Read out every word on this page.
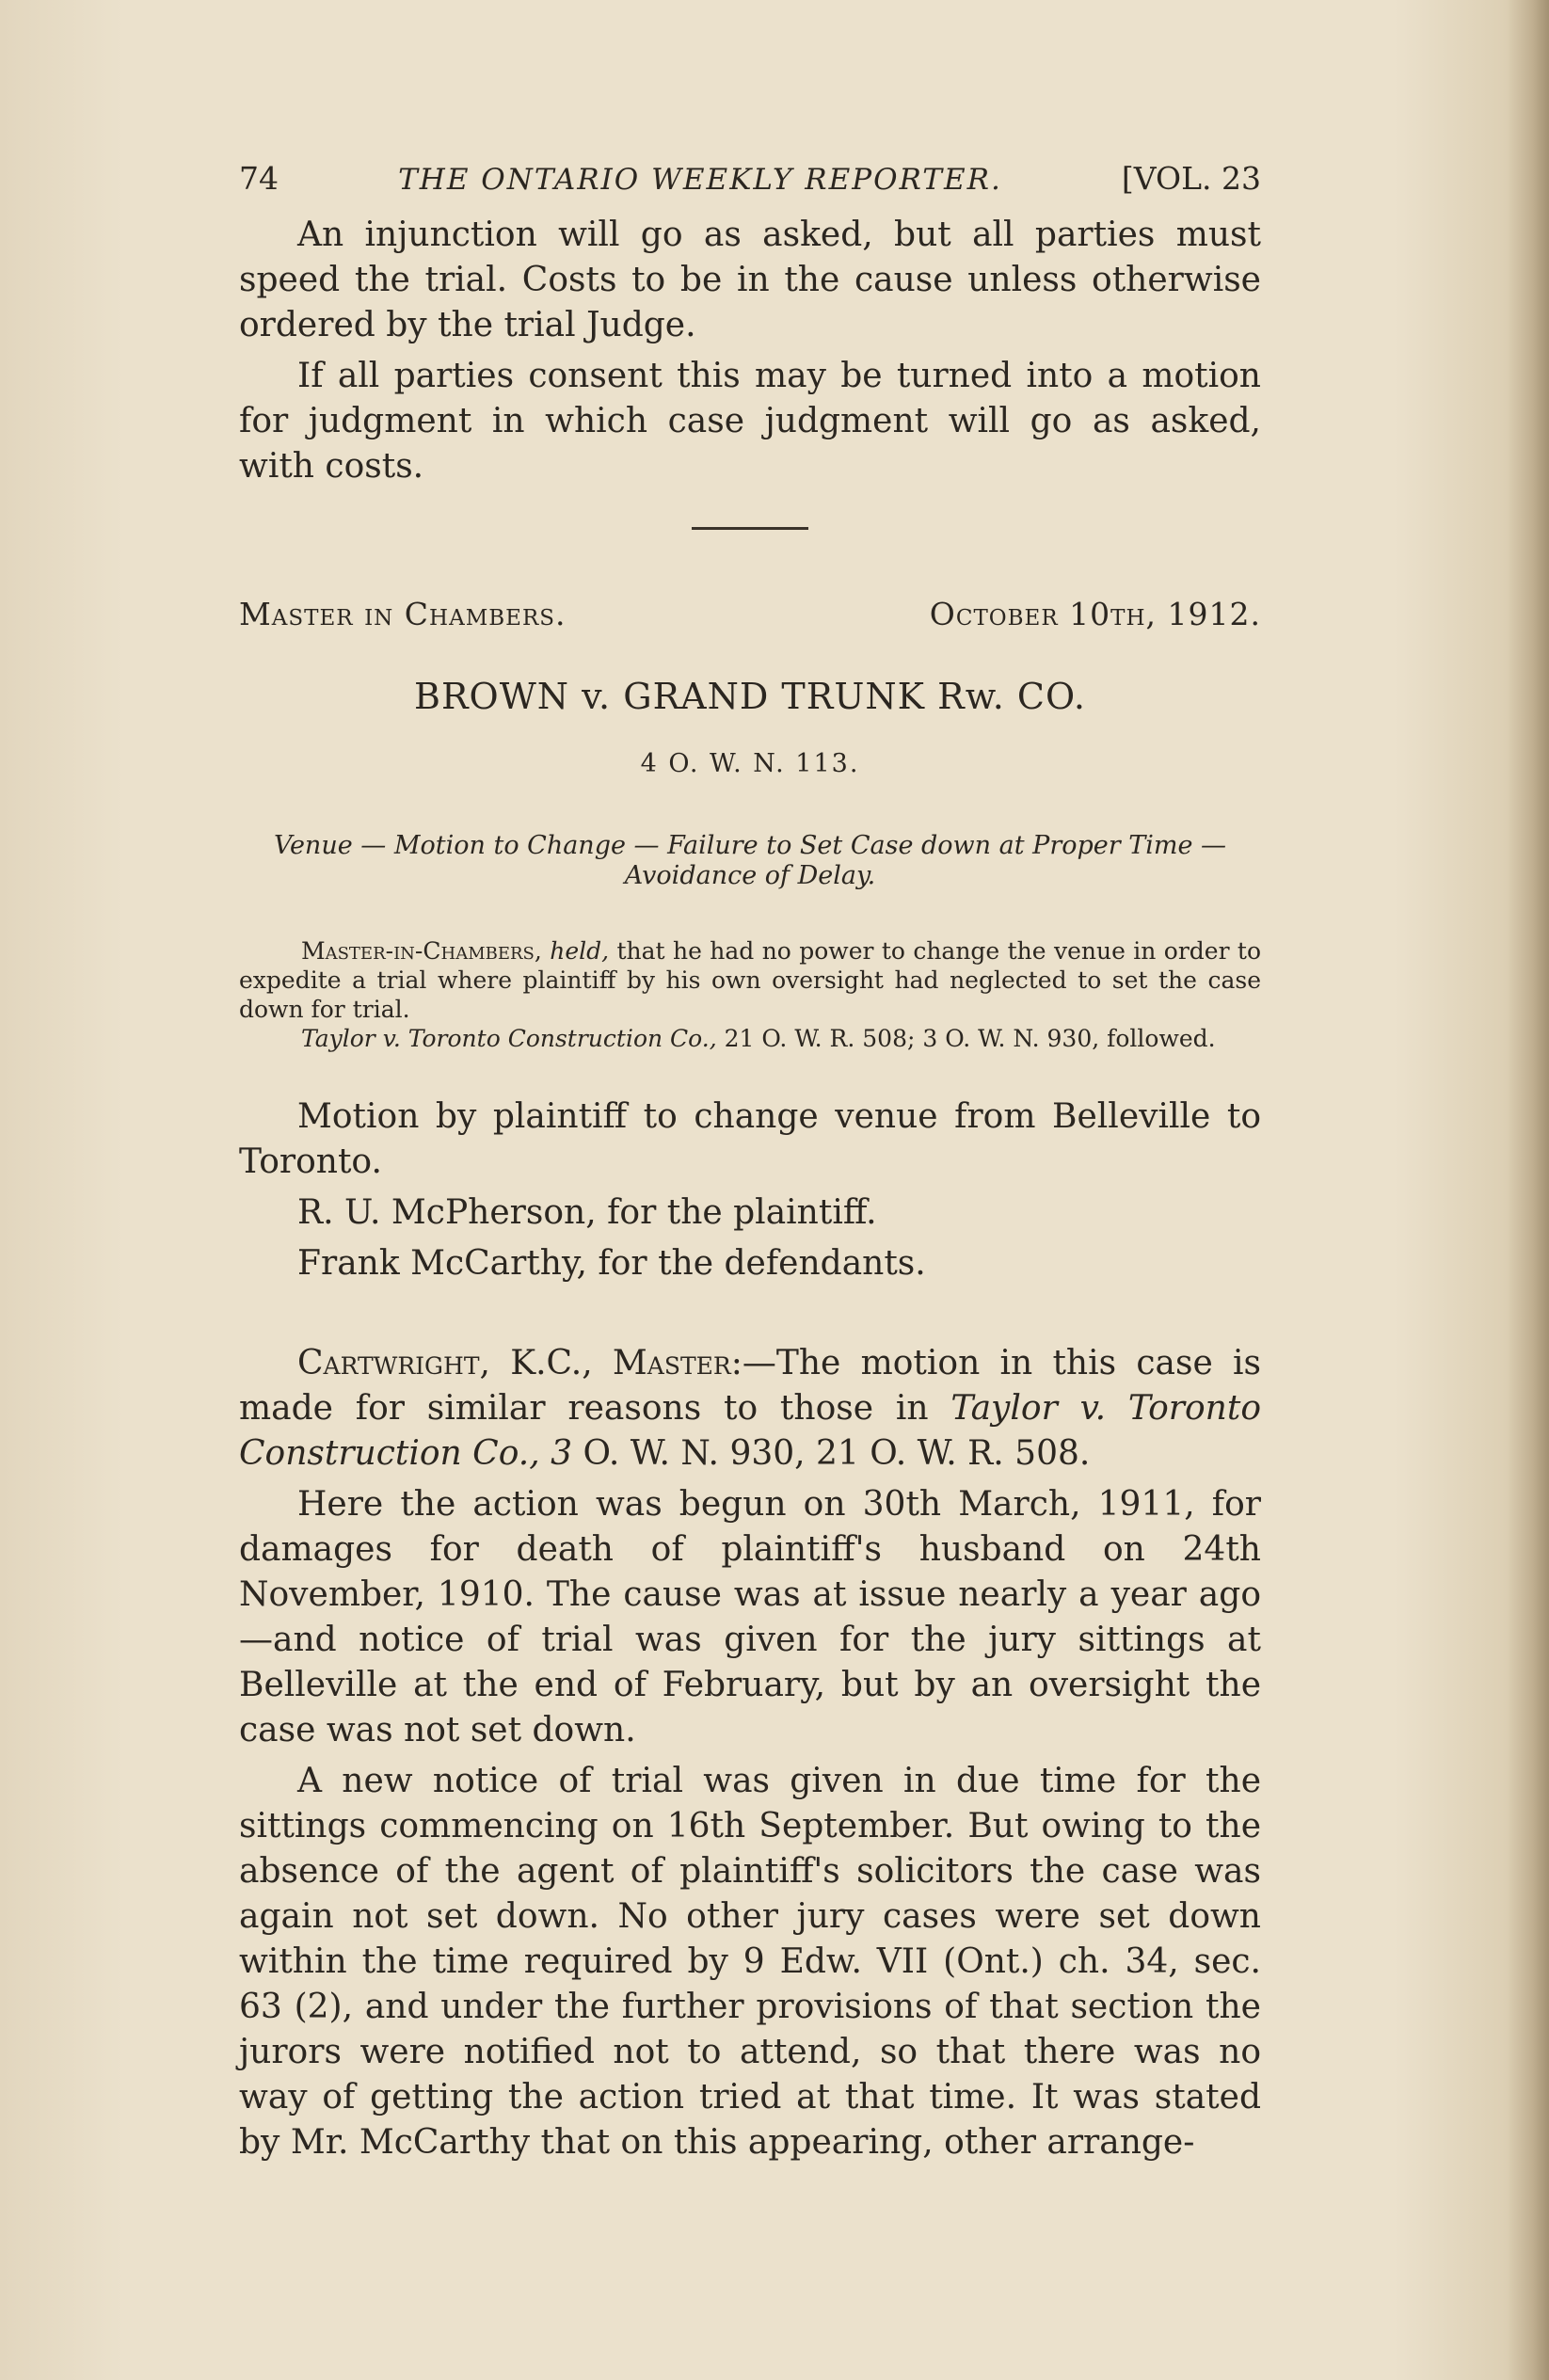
74	THE ONTARIO WEEKLY REPORTER.	[VOL. 23

An injunction will go as asked, but all parties must speed the trial. Costs to be in the cause unless otherwise ordered by the trial Judge.

If all parties consent this may be turned into a motion for judgment in which case judgment will go as asked, with costs.

Master in Chambers.	October 10th, 1912.
BROWN v. GRAND TRUNK Rw. CO.
4 O. W. N. 113.

Venue — Motion to Change — Failure to Set Case down at Proper Time — Avoidance of Delay.

Master-in-Chambers, held, that he had no power to change the venue in order to expedite a trial where plaintiff by his own oversight had neglected to set the case down for trial.

Taylor v. Toronto Construction Co., 21 O. W. R. 508; 3 O. W. N. 930, followed.

Motion by plaintiff to change venue from Belleville to Toronto.

R. U. McPherson, for the plaintiff.

Frank McCarthy, for the defendants.

Cartwright, K.C., Master:—The motion in this case is made for similar reasons to those in Taylor v. Toronto Construction Co., 3 O. W. N. 930, 21 O. W. R. 508.

Here the action was begun on 30th March, 1911, for damages for death of plaintiff's husband on 24th November, 1910. The cause was at issue nearly a year ago—and notice of trial was given for the jury sittings at Belleville at the end of February, but by an oversight the case was not set down.

A new notice of trial was given in due time for the sittings commencing on 16th September. But owing to the absence of the agent of plaintiff's solicitors the case was again not set down. No other jury cases were set down within the time required by 9 Edw. VII (Ont.) ch. 34, sec. 63 (2), and under the further provisions of that section the jurors were notified not to attend, so that there was no way of getting the action tried at that time. It was stated by Mr. McCarthy that on this appearing, other arrange-
